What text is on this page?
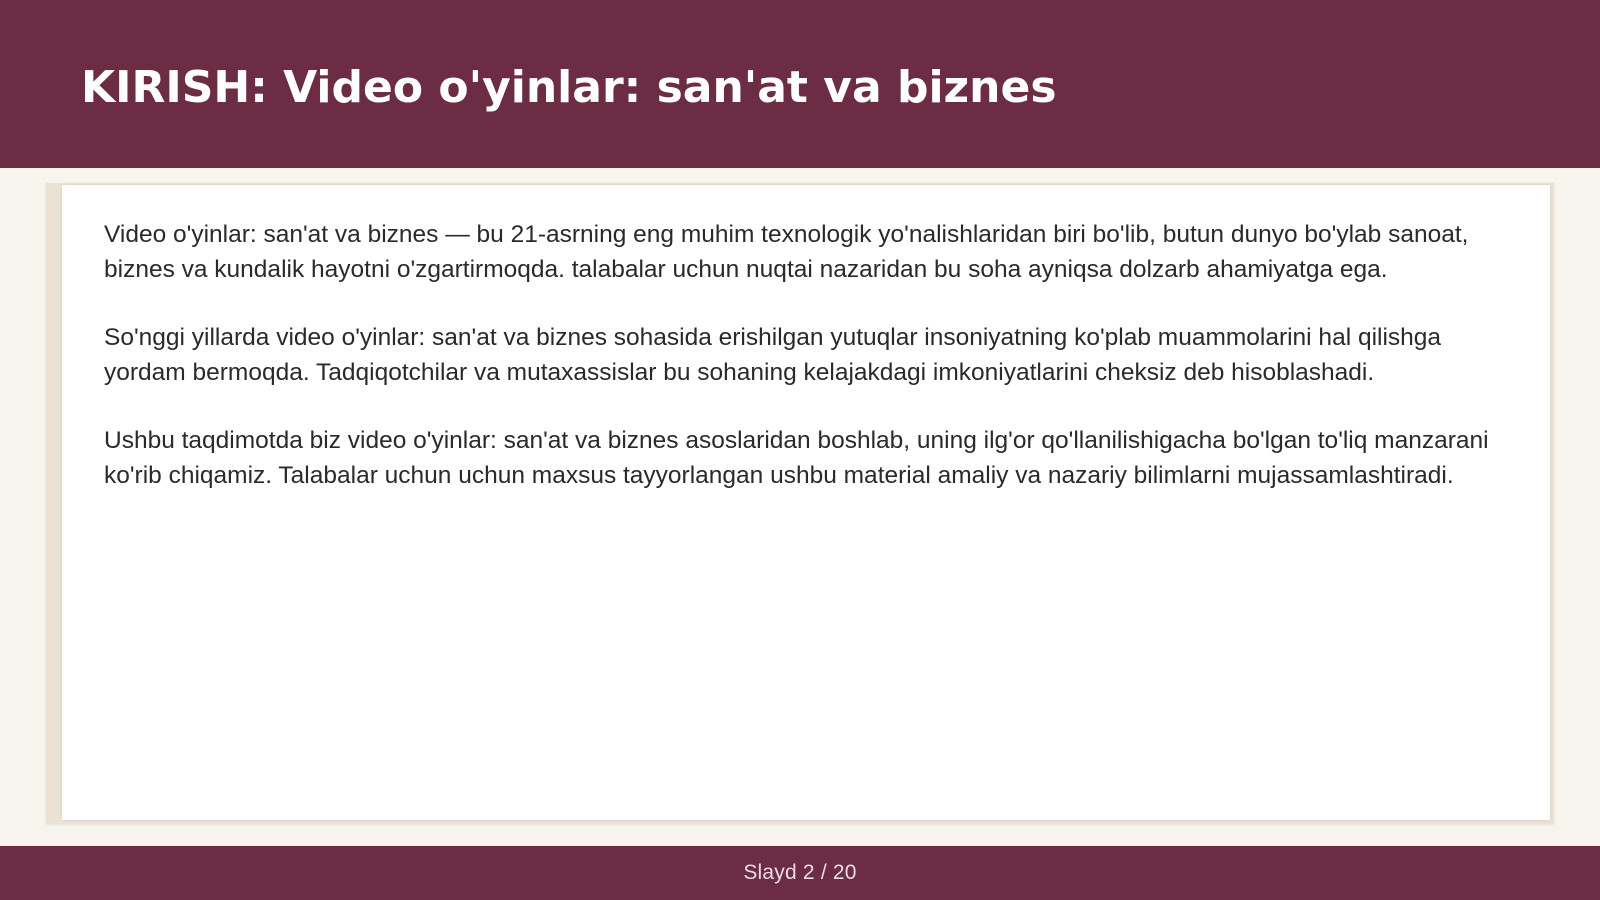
KIRISH: Video o'yinlar: san'at va biznes

Video o'yinlar: san'at va biznes — bu 21-asrning eng muhim texnologik yo'nalishlaridan biri bo'lib, butun dunyo bo'ylab sanoat, biznes va kundalik hayotni o'zgartirmoqda. talabalar uchun nuqtai nazaridan bu soha ayniqsa dolzarb ahamiyatga ega.

So'nggi yillarda video o'yinlar: san'at va biznes sohasida erishilgan yutuqlar insoniyatning ko'plab muammolarini hal qilishga yordam bermoqda. Tadqiqotchilar va mutaxassislar bu sohaning kelajakdagi imkoniyatlarini cheksiz deb hisoblashadi.

Ushbu taqdimotda biz video o'yinlar: san'at va biznes asoslaridan boshlab, uning ilg'or qo'llanilishigacha bo'lgan to'liq manzarani ko'rib chiqamiz. Talabalar uchun uchun maxsus tayyorlangan ushbu material amaliy va nazariy bilimlarni mujassamlashtiradi.

Slayd 2 / 20
